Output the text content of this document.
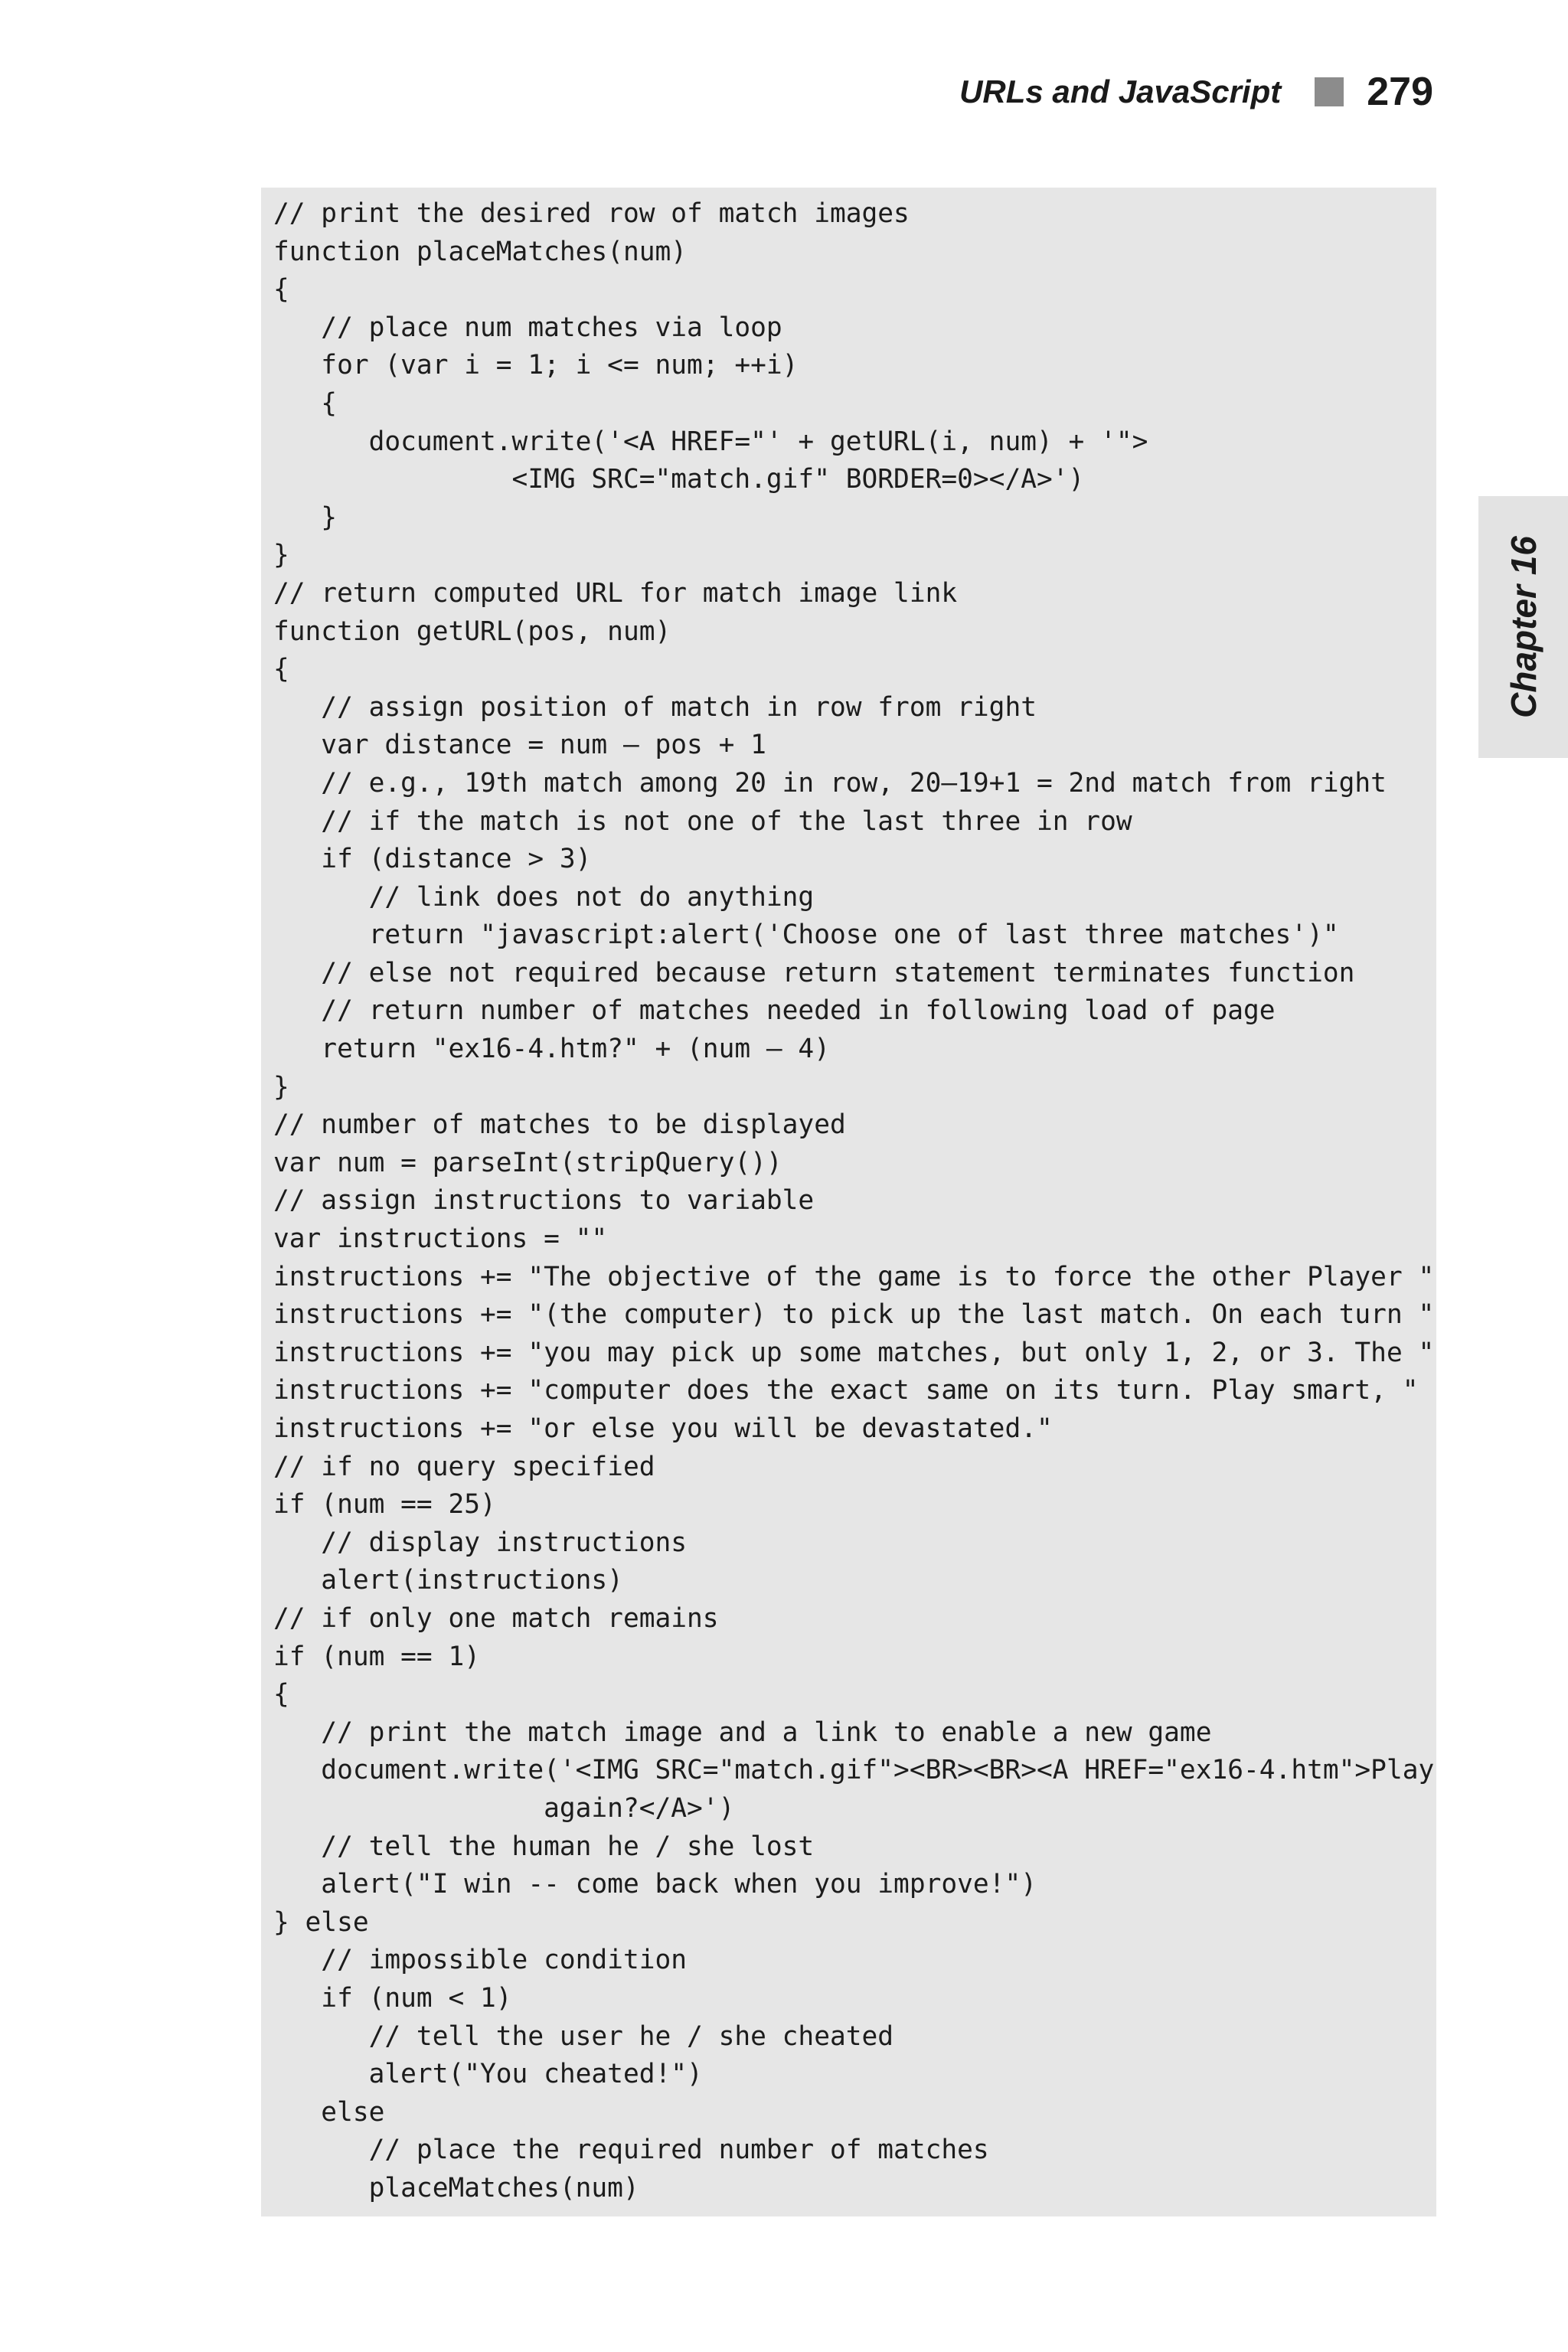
URLs and JavaScript 279
Chapter 16
// print the desired row of match images
function placeMatches(num)
{
// place num matches via loop
for (var i = 1; i <= num; ++i)
{
document.write('<A HREF="' + getURL(i, num) + '">
<IMG SRC="match.gif" BORDER=0></A>')
}
}
// return computed URL for match image link
function getURL(pos, num)
{
// assign position of match in row from right
var distance = num – pos + 1
// e.g., 19th match among 20 in row, 20–19+1 = 2nd match from right
// if the match is not one of the last three in row
if (distance > 3)
// link does not do anything
return "javascript:alert('Choose one of last three matches')"
// else not required because return statement terminates function
// return number of matches needed in following load of page
return "ex16-4.htm?" + (num – 4)
}
// number of matches to be displayed
var num = parseInt(stripQuery())
// assign instructions to variable
var instructions = ""
instructions += "The objective of the game is to force the other Player "
instructions += "(the computer) to pick up the last match. On each turn "
instructions += "you may pick up some matches, but only 1, 2, or 3. The "
instructions += "computer does the exact same on its turn. Play smart, "
instructions += "or else you will be devastated."
// if no query specified
if (num == 25)
// display instructions
alert(instructions)
// if only one match remains
if (num == 1)
{
// print the match image and a link to enable a new game
document.write('<IMG SRC="match.gif"><BR><BR><A HREF="ex16-4.htm">Play
again?</A>')
// tell the human he / she lost
alert("I win -- come back when you improve!")
} else
// impossible condition
if (num < 1)
// tell the user he / she cheated
alert("You cheated!")
else
// place the required number of matches
placeMatches(num)
